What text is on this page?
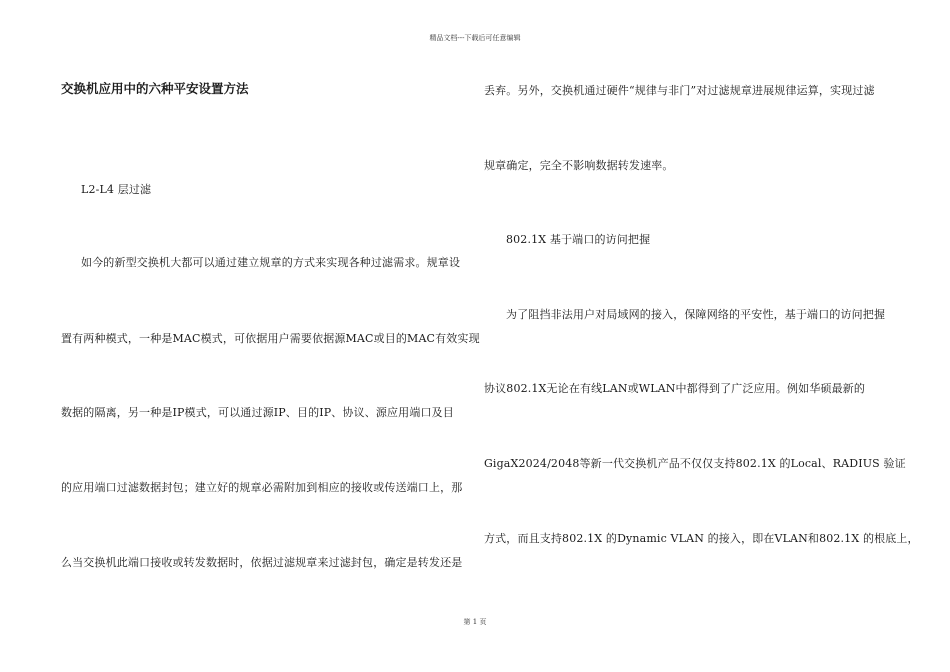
精品文档---下载后可任意编辑
交换机应用中的六种平安设置方法
L2-L4 层过滤
如今的新型交换机大都可以通过建立规章的方式来实现各种过滤需求。规章设
置有两种模式，一种是MAC模式，可依据用户需要依据源MAC或目的MAC有效实现
数据的隔离，另一种是IP模式，可以通过源IP、目的IP、协议、源应用端口及目
的应用端口过滤数据封包；建立好的规章必需附加到相应的接收或传送端口上，那
么当交换机此端口接收或转发数据时，依据过滤规章来过滤封包，确定是转发还是
丢弃。另外，交换机通过硬件“规律与非门”对过滤规章进展规律运算，实现过滤
规章确定，完全不影响数据转发速率。
802.1X 基于端口的访问把握
为了阻挡非法用户对局域网的接入，保障网络的平安性，基于端口的访问把握
协议802.1X无论在有线LAN或WLAN中都得到了广泛应用。例如华硕最新的
GigaX2024/2048等新一代交换机产品不仅仅支持802.1X 的Local、RADIUS 验证
方式，而且支持802.1X 的Dynamic VLAN 的接入，即在VLAN和802.1X 的根底上，
第 1 页
